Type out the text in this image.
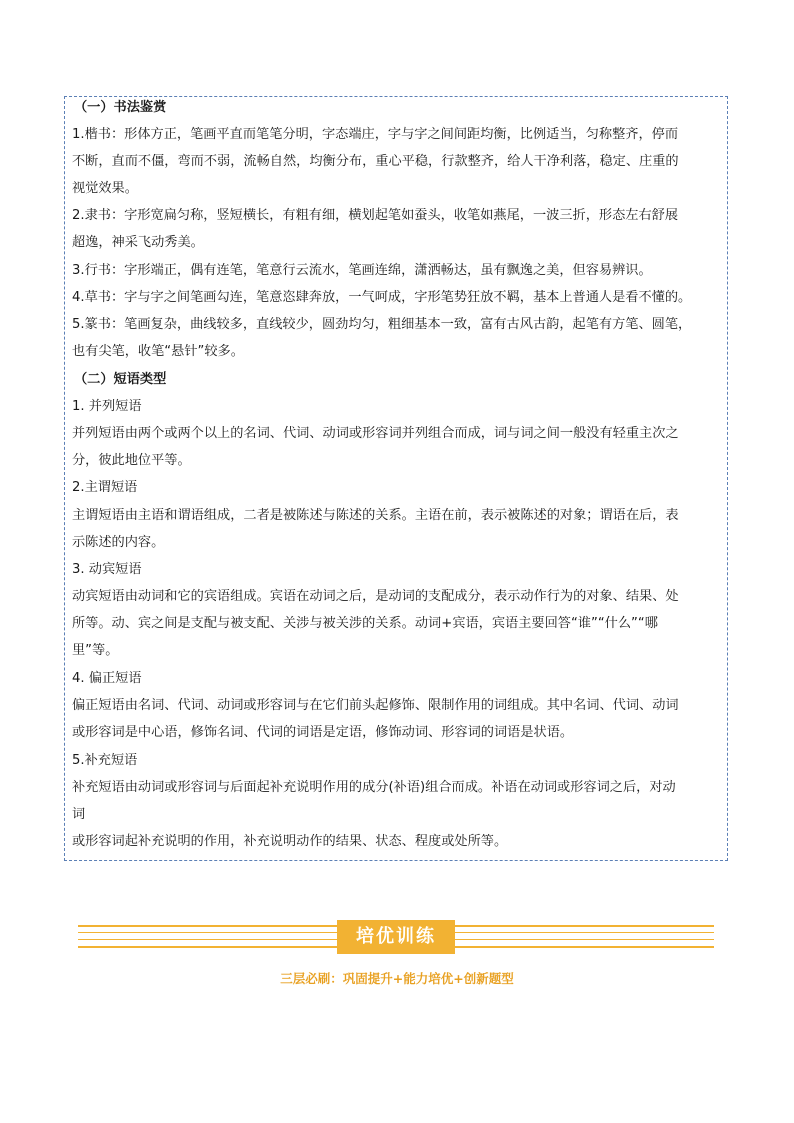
（一）书法鉴赏
1.楷书：形体方正，笔画平直而笔笔分明，字态端庄，字与字之间间距均衡，比例适当，匀称整齐，停而
不断，直而不僵，弯而不弱，流畅自然，均衡分布，重心平稳，行款整齐，给人干净利落，稳定、庄重的
视觉效果。
2.隶书：字形宽扁匀称，竖短横长，有粗有细，横划起笔如蚕头，收笔如燕尾，一波三折，形态左右舒展
超逸，神采飞动秀美。
3.行书：字形端正，偶有连笔，笔意行云流水，笔画连绵，潇洒畅达，虽有飘逸之美，但容易辨识。
4.草书：字与字之间笔画勾连，笔意恣肆奔放，一气呵成，字形笔势狂放不羁，基本上普通人是看不懂的。
5.篆书：笔画复杂，曲线较多，直线较少，圆劲均匀，粗细基本一致，富有古风古韵，起笔有方笔、圆笔，
也有尖笔，收笔“悬针”较多。
（二）短语类型
1. 并列短语
并列短语由两个或两个以上的名词、代词、动词或形容词并列组合而成，词与词之间一般没有轻重主次之
分，彼此地位平等。
2.主谓短语
主谓短语由主语和谓语组成，二者是被陈述与陈述的关系。主语在前，表示被陈述的对象；谓语在后，表
示陈述的内容。
3. 动宾短语
动宾短语由动词和它的宾语组成。宾语在动词之后，是动词的支配成分，表示动作行为的对象、结果、处
所等。动、宾之间是支配与被支配、关涉与被关涉的关系。动词+宾语，宾语主要回答“谁”“什么”“哪
里”等。
4. 偏正短语
偏正短语由名词、代词、动词或形容词与在它们前头起修饰、限制作用的词组成。其中名词、代词、动词
或形容词是中心语，修饰名词、代词的词语是定语，修饰动词、形容词的词语是状语。
5.补充短语
补充短语由动词或形容词与后面起补充说明作用的成分(补语)组合而成。补语在动词或形容词之后，对动
词
或形容词起补充说明的作用，补充说明动作的结果、状态、程度或处所等。
培优训练
三层必刷：巩固提升+能力培优+创新题型
